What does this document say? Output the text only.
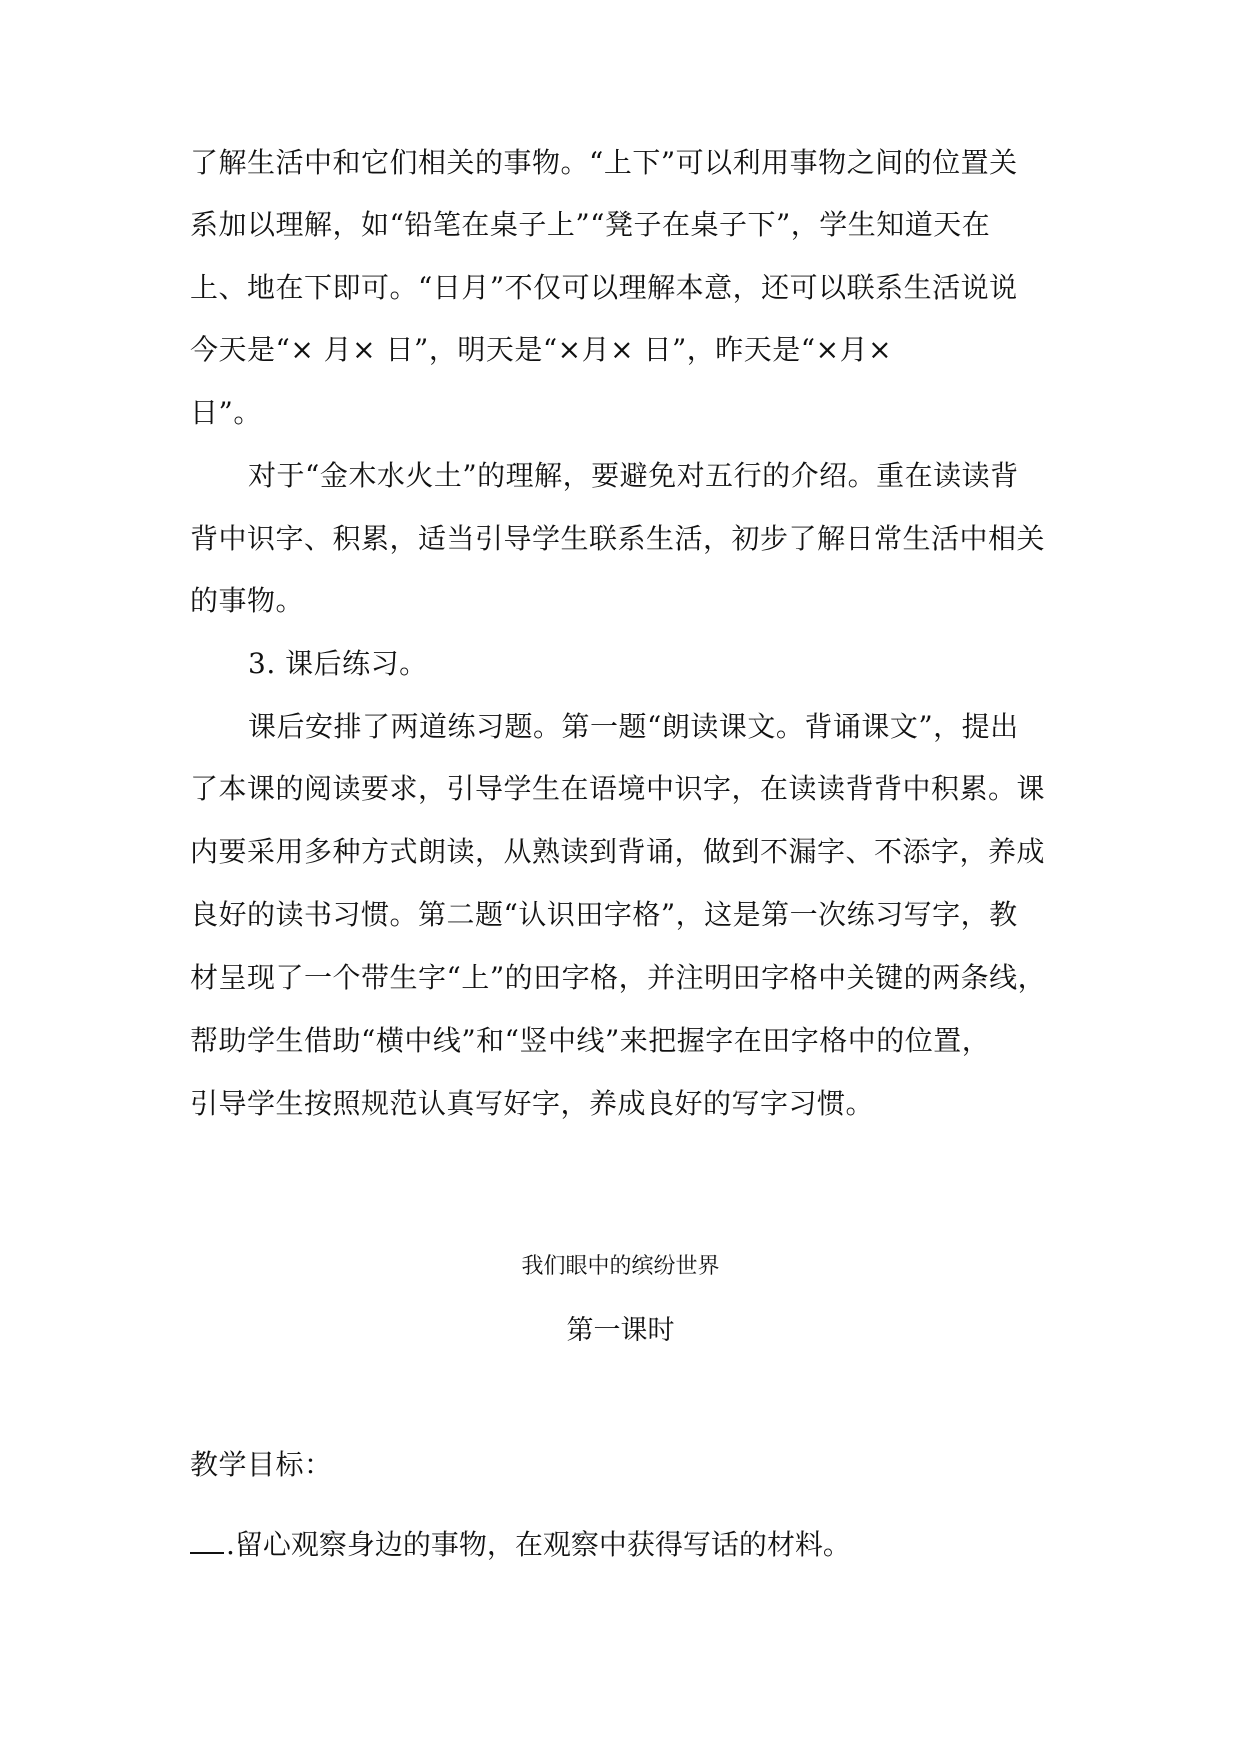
了解生活中和它们相关的事物。“上下”可以利用事物之间的位置关

系加以理解，如“铅笔在桌子上”“凳子在桌子下”，学生知道天在

上、地在下即可。“日月”不仅可以理解本意，还可以联系生活说说

今天是“× 月× 日”，明天是“×月× 日”，昨天是“×月×

日”。

对于“金木水火土”的理解，要避免对五行的介绍。重在读读背

背中识字、积累，适当引导学生联系生活，初步了解日常生活中相关

的事物。

3. 课后练习。

课后安排了两道练习题。第一题“朗读课文。背诵课文”，提出

了本课的阅读要求，引导学生在语境中识字，在读读背背中积累。课

内要采用多种方式朗读，从熟读到背诵，做到不漏字、不添字，养成

良好的读书习惯。第二题“认识田字格”，这是第一次练习写字，教

材呈现了一个带生字“上”的田字格，并注明田字格中关键的两条线，

帮助学生借助“横中线”和“竖中线”来把握字在田字格中的位置，

引导学生按照规范认真写好字，养成良好的写字习惯。

我们眼中的缤纷世界

第一课时

教学目标：

.留心观察身边的事物，在观察中获得写话的材料。
